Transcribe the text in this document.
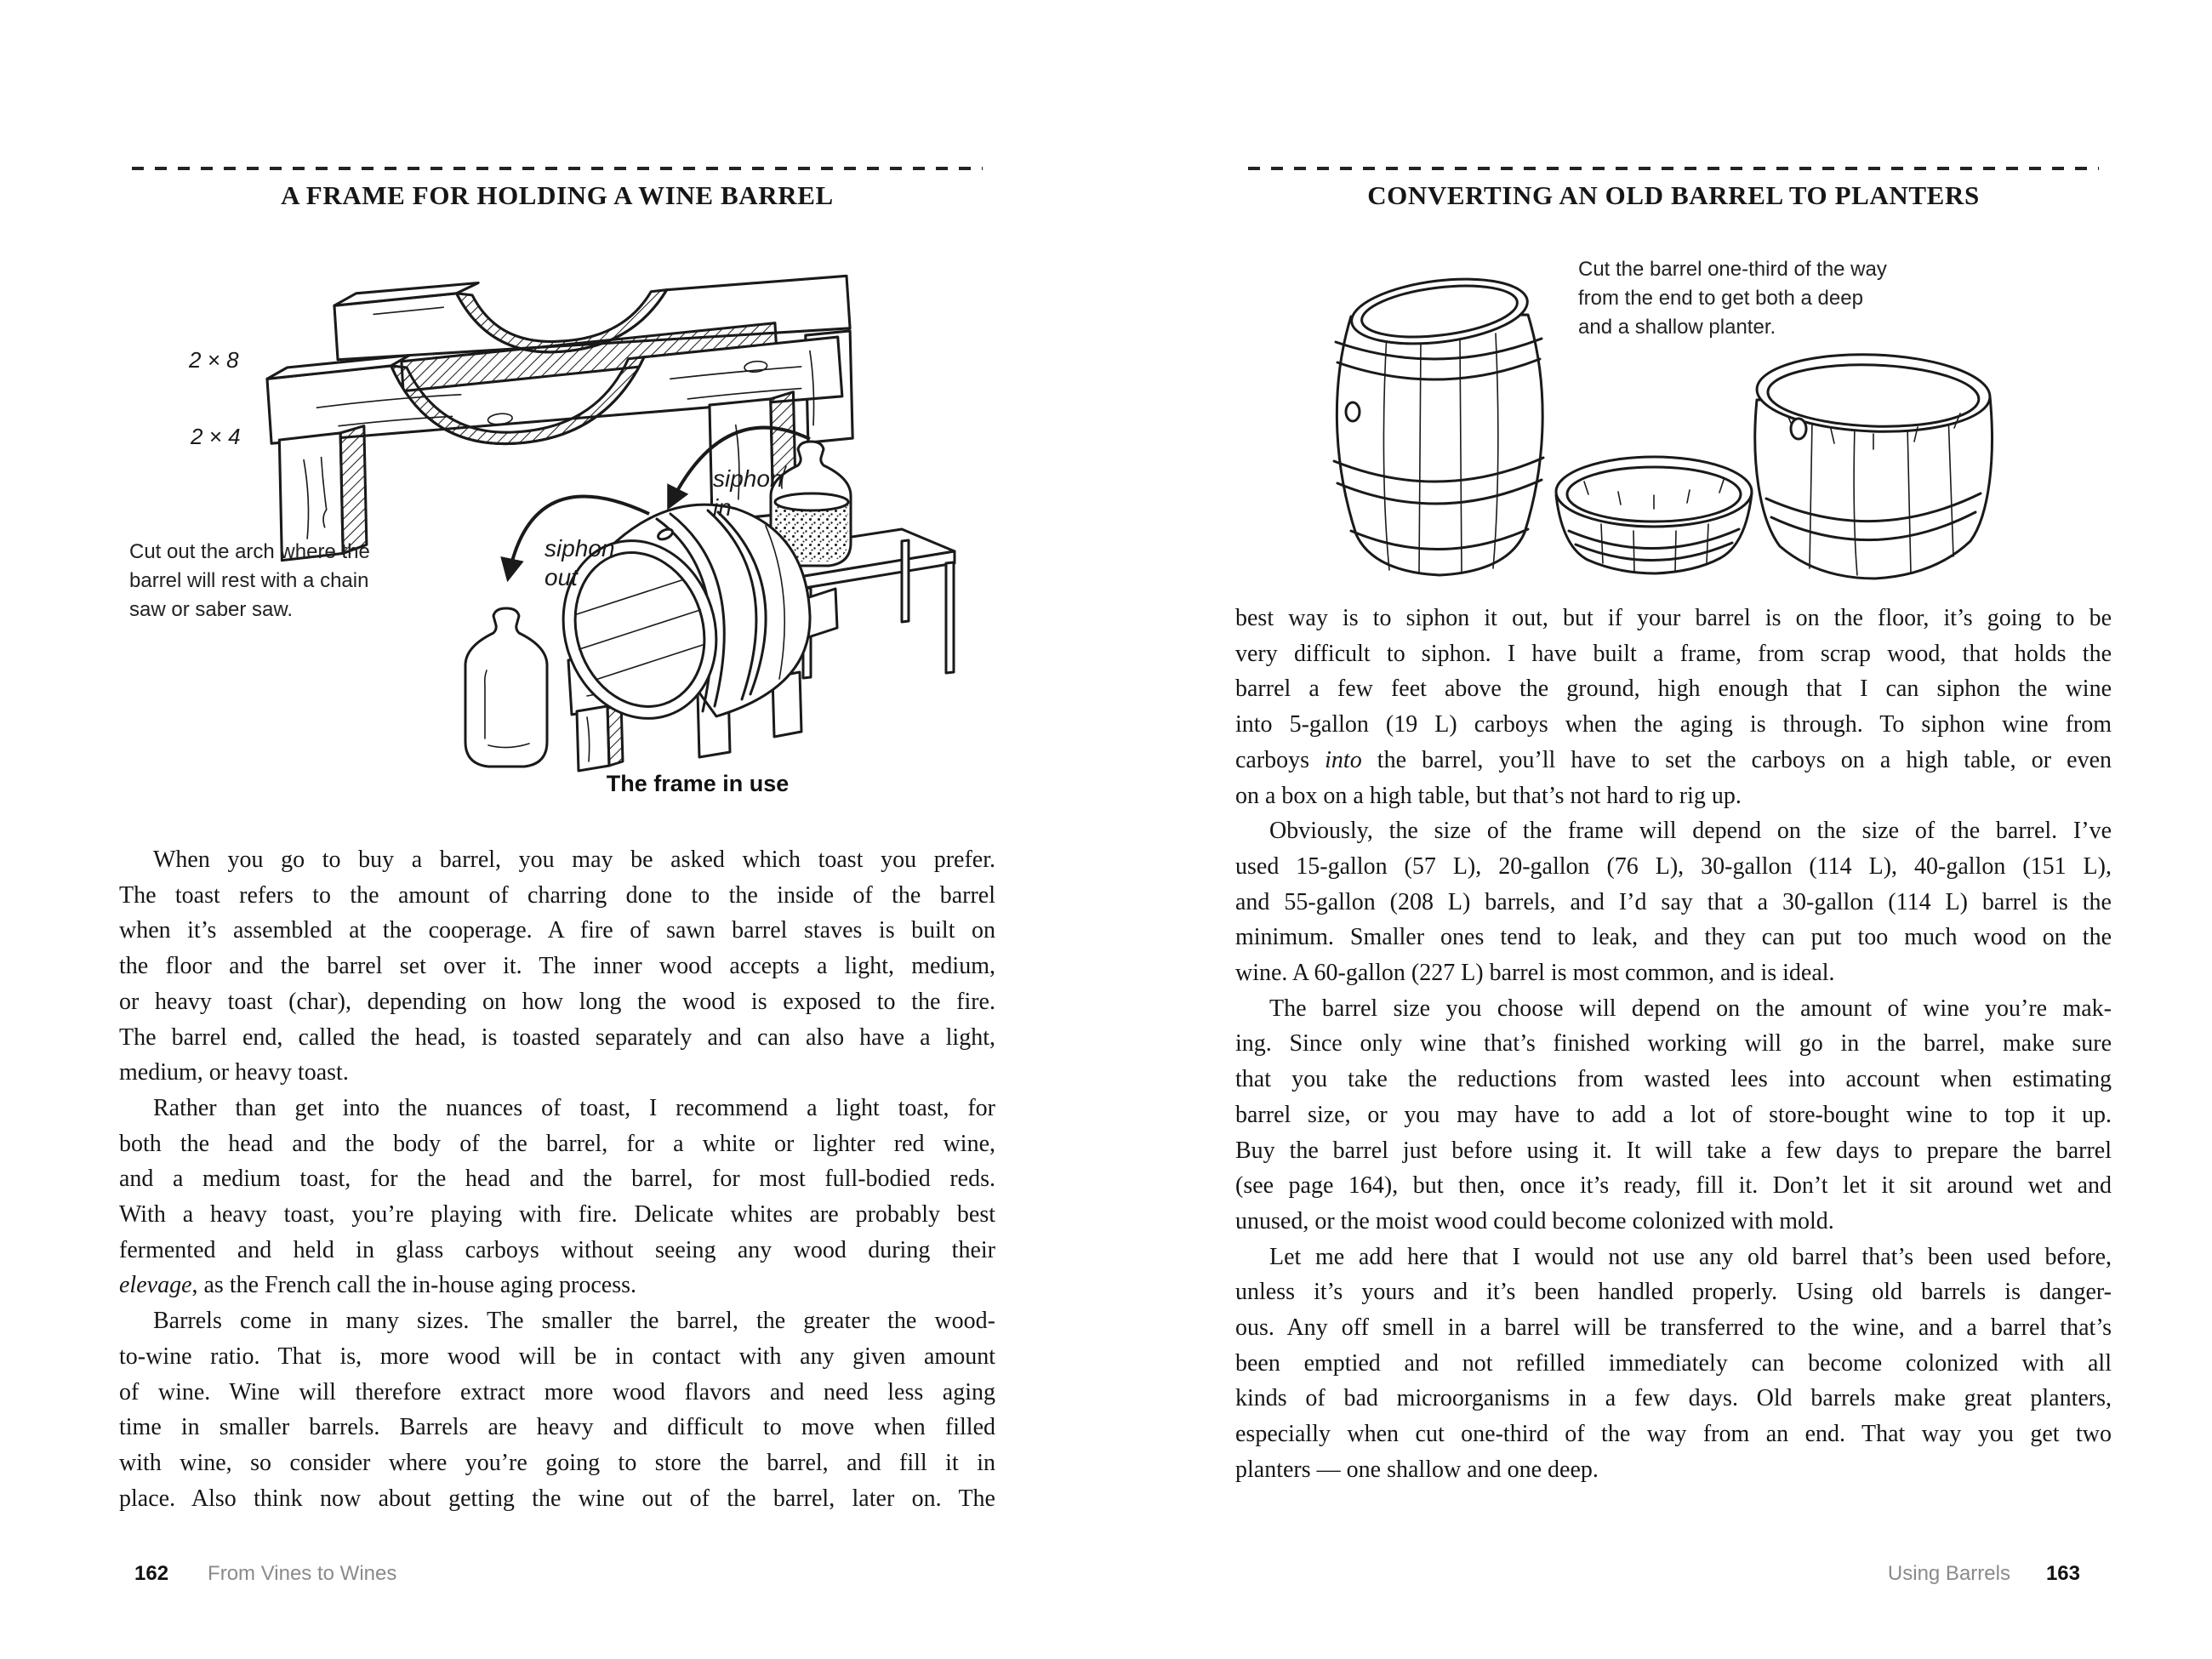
A FRAME FOR HOLDING A WINE BARREL
2 × 8
2 × 4
Cut out the arch where the
barrel will rest with a chain
saw or saber saw.
siphon
out
siphon
in
The frame in use
When you go to buy a barrel, you may be asked which toast you prefer.
The toast refers to the amount of charring done to the inside of the barrel
when it’s assembled at the cooperage. A fire of sawn barrel staves is built on
the floor and the barrel set over it. The inner wood accepts a light, medium,
or heavy toast (char), depending on how long the wood is exposed to the fire.
The barrel end, called the head, is toasted separately and can also have a light,
medium, or heavy toast.
Rather than get into the nuances of toast, I recommend a light toast, for
both the head and the body of the barrel, for a white or lighter red wine,
and a medium toast, for the head and the barrel, for most full-bodied reds.
With a heavy toast, you’re playing with fire. Delicate whites are probably best
fermented and held in glass carboys without seeing any wood during their
elevage, as the French call the in-house aging process.
Barrels come in many sizes. The smaller the barrel, the greater the wood-
to-wine ratio. That is, more wood will be in contact with any given amount
of wine. Wine will therefore extract more wood flavors and need less aging
time in smaller barrels. Barrels are heavy and difficult to move when filled
with wine, so consider where you’re going to store the barrel, and fill it in
place. Also think now about getting the wine out of the barrel, later on. The
162 From Vines to Wines
CONVERTING AN OLD BARREL TO PLANTERS
Cut the barrel one-third of the way
from the end to get both a deep
and a shallow planter.
best way is to siphon it out, but if your barrel is on the floor, it’s going to be
very difficult to siphon. I have built a frame, from scrap wood, that holds the
barrel a few feet above the ground, high enough that I can siphon the wine
into 5-gallon (19 L) carboys when the aging is through. To siphon wine from
carboys into the barrel, you’ll have to set the carboys on a high table, or even
on a box on a high table, but that’s not hard to rig up.
Obviously, the size of the frame will depend on the size of the barrel. I’ve
used 15-gallon (57 L), 20-gallon (76 L), 30-gallon (114 L), 40-gallon (151 L),
and 55-gallon (208 L) barrels, and I’d say that a 30-gallon (114 L) barrel is the
minimum. Smaller ones tend to leak, and they can put too much wood on the
wine. A 60-gallon (227 L) barrel is most common, and is ideal.
The barrel size you choose will depend on the amount of wine you’re mak-
ing. Since only wine that’s finished working will go in the barrel, make sure
that you take the reductions from wasted lees into account when estimating
barrel size, or you may have to add a lot of store-bought wine to top it up.
Buy the barrel just before using it. It will take a few days to prepare the barrel
(see page 164), but then, once it’s ready, fill it. Don’t let it sit around wet and
unused, or the moist wood could become colonized with mold.
Let me add here that I would not use any old barrel that’s been used before,
unless it’s yours and it’s been handled properly. Using old barrels is danger-
ous. Any off smell in a barrel will be transferred to the wine, and a barrel that’s
been emptied and not refilled immediately can become colonized with all
kinds of bad microorganisms in a few days. Old barrels make great planters,
especially when cut one-third of the way from an end. That way you get two
planters — one shallow and one deep.
Using Barrels 163
